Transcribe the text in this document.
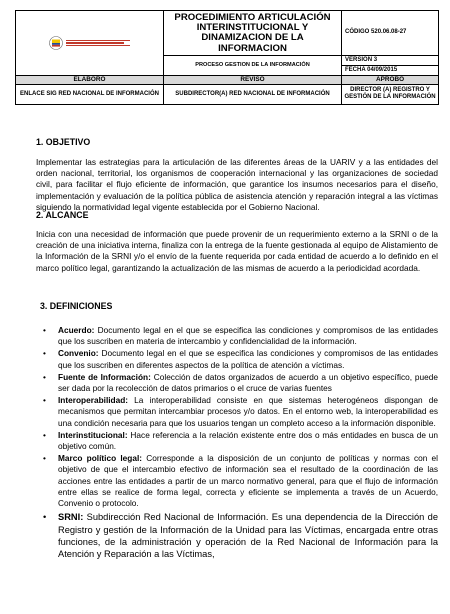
	PROCEDIMIENTO ARTICULACIÓN INTERINSTITUCIONAL Y DINAMIZACION DE LA INFORMACION	CÓDIGO 520.06.08-27
	PROCESO GESTION DE LA INFORMACIÓN	VERSIÓN 3
		FECHA 04/09/2015
ELABORÓ	REVISÓ	APROBÓ
ENLACE SIG RED NACIONAL DE INFORMACIÓN	SUBDIRECTOR(A) RED NACIONAL DE INFORMACIÓN	DIRECTOR (A) REGISTRO Y GESTIÓN DE LA INFORMACIÓN
1. OBJETIVO
Implementar las estrategias para la articulación de las diferentes áreas de la UARIV y a las entidades del orden nacional, territorial, los organismos de cooperación internacional y las organizaciones de sociedad civil, para facilitar el flujo eficiente de información, que garantice los insumos necesarios para el diseño, implementación y evaluación de la política pública de asistencia atención y reparación integral a las víctimas siguiendo la normatividad legal vigente establecida por el Gobierno Nacional.
2. ALCANCE
Inicia con una necesidad de información que puede provenir de un requerimiento externo a la SRNI o de la creación de una iniciativa interna, finaliza con la entrega de la fuente gestionada al equipo de Alistamiento de la Información de la SRNI y/o el envío de la fuente requerida por cada entidad de acuerdo a lo definido en el marco político legal, garantizando la actualización de las mismas de acuerdo a la periodicidad acordada.
3. DEFINICIONES
• Acuerdo: Documento legal en el que se especifica las condiciones y compromisos de las entidades que los suscriben en materia de intercambio y confidencialidad de la información.
• Convenio: Documento legal en el que se especifica las condiciones y compromisos de las entidades que los suscriben en diferentes aspectos de la política de atención a víctimas.
• Fuente de Información: Colección de datos organizados de acuerdo a un objetivo específico, puede ser dada por la recolección de datos primarios o el cruce de varias fuentes
• Interoperabilidad: La interoperabilidad consiste en que sistemas heterogéneos dispongan de mecanismos que permitan intercambiar procesos y/o datos. En el entorno web, la interoperabilidad es una condición necesaria para que los usuarios tengan un completo acceso a la información disponible.
• Interinstitucional: Hace referencia a la relación existente entre dos o más entidades en busca de un objetivo común.
• Marco político legal: Corresponde a la disposición de un conjunto de políticas y normas con el objetivo de que el intercambio efectivo de información sea el resultado de la coordinación de las acciones entre las entidades a partir de un marco normativo general, para que el flujo de información entre ellas se realice de forma legal, correcta y eficiente se implementa a través de un Acuerdo, Convenio o protocolo.
• SRNI: Subdirección Red Nacional de Información. Es una dependencia de la Dirección de Registro y gestión de la Información de la Unidad para las Víctimas, encargada entre otras funciones, de la administración y operación de la Red Nacional de Información para la Atención y Reparación a las Víctimas,
